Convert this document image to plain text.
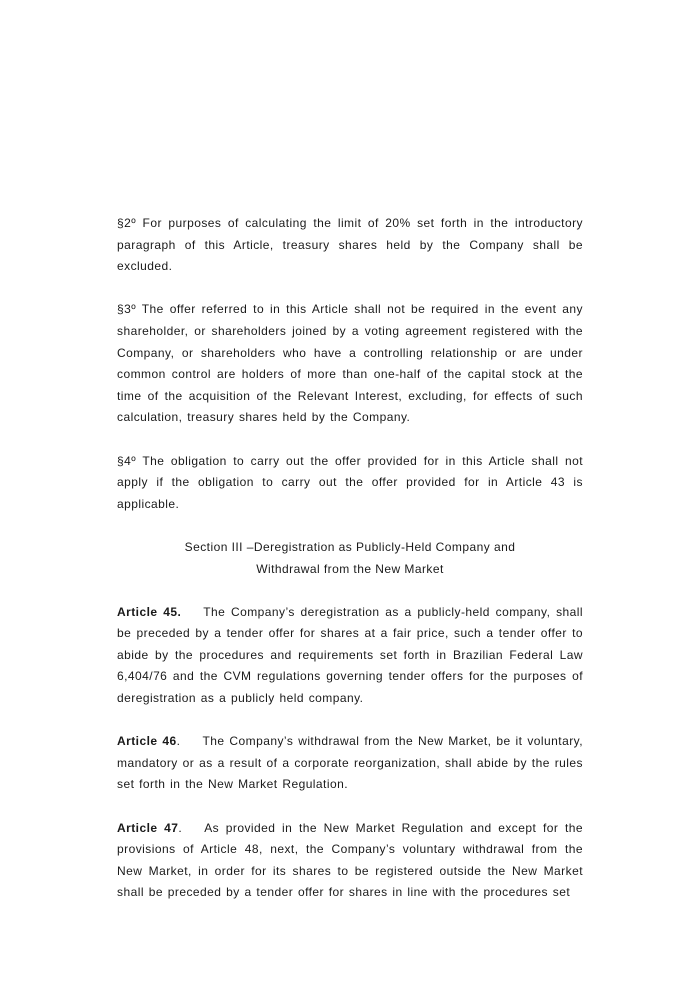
§2º For purposes of calculating the limit of 20% set forth in the introductory paragraph of this Article, treasury shares held by the Company shall be excluded.

§3º The offer referred to in this Article shall not be required in the event any shareholder, or shareholders joined by a voting agreement registered with the Company, or shareholders who have a controlling relationship or are under common control are holders of more than one-half of the capital stock at the time of the acquisition of the Relevant Interest, excluding, for effects of such calculation, treasury shares held by the Company.

§4º The obligation to carry out the offer provided for in this Article shall not apply if the obligation to carry out the offer provided for in Article 43 is applicable.

Section III –Deregistration as Publicly-Held Company and
Withdrawal from the New Market

Article 45. The Company’s deregistration as a publicly-held company, shall be preceded by a tender offer for shares at a fair price, such a tender offer to abide by the procedures and requirements set forth in Brazilian Federal Law 6,404/76 and the CVM regulations governing tender offers for the purposes of deregistration as a publicly held company.

Article 46. The Company’s withdrawal from the New Market, be it voluntary, mandatory or as a result of a corporate reorganization, shall abide by the rules set forth in the New Market Regulation.

Article 47. As provided in the New Market Regulation and except for the provisions of Article 48, next, the Company’s voluntary withdrawal from the New Market, in order for its shares to be registered outside the New Market shall be preceded by a tender offer for shares in line with the procedures set
